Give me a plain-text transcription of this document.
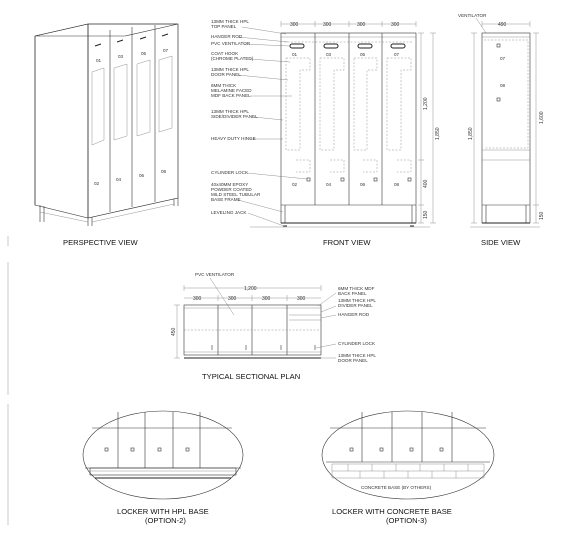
01
03
05
07
02
04
06
08
PERSPECTIVE VIEW
300	300	300	300
01	03	05	07
02	04	06	08
1,200
400
150
1,850
13MM THICK HPL
TOP PANEL
HANGER ROD
PVC VENTILATOR
COAT HOOK
(CHROME PLATED)
13MM THICK HPL
DOOR PANEL
6MM THICK
MELAMINE FACED
MDF BACK PANEL
13MM THICK HPL
SIDE/DIVIDER PANEL
HEAVY DUTY HINGE
CYLINDER LOCK
40x40MM EPOXY
POWDER COATED
MILD STEEL TUBULAR
BASE FRAME
LEVELING JACK
FRONT VIEW
VENTILATOR
490
07
08
1,850
1,600
150
SIDE VIEW
PVC VENTILATOR
1,200
300	300	300	300
450
6MM THICK MDF
BACK PANEL
13MM THICK HPL
DIVIDER PANEL
HANGER ROD
CYLINDER LOCK
13MM THICK HPL
DOOR PANEL
TYPICAL SECTIONAL PLAN
LOCKER WITH HPL BASE
(OPTION-2)
CONCRETE BASE (BY OTHERS)
LOCKER WITH CONCRETE BASE
(OPTION-3)
